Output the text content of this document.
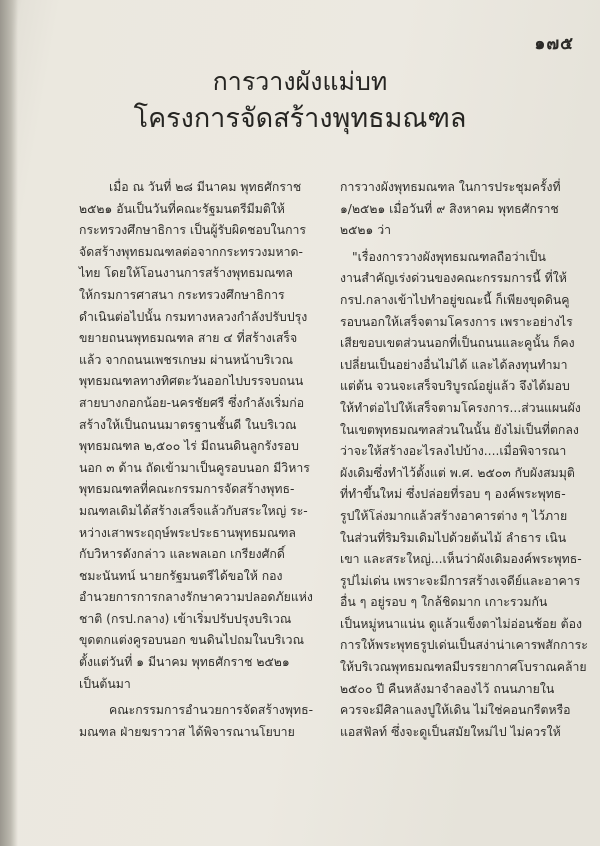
๑๗๕
การวางผังแม่บท
โครงการจัดสร้างพุทธมณฑล
เมื่อ ณ วันที่ ๒๘ มีนาคม พุทธศักราช
๒๕๒๑ อันเป็นวันที่คณะรัฐมนตรีมีมติให้
กระทรวงศึกษาธิการ เป็นผู้รับผิดชอบในการ
จัดสร้างพุทธมณฑลต่อจากกระทรวงมหาด-
ไทย โดยให้โอนงานการสร้างพุทธมณฑล
ให้กรมการศาสนา กระทรวงศึกษาธิการ
ดำเนินต่อไปนั้น กรมทางหลวงกำลังปรับปรุง
ขยายถนนพุทธมณฑล สาย ๔ ที่สร้างเสร็จ
แล้ว จากถนนเพชรเกษม ผ่านหน้าบริเวณ
พุทธมณฑลทางทิศตะวันออกไปบรรจบถนน
สายบางกอกน้อย-นครชัยศรี ซึ่งกำลังเริ่มก่อ
สร้างให้เป็นถนนมาตรฐานชั้นดี ในบริเวณ
พุทธมณฑล ๒,๕๐๐ ไร่ มีถนนดินลูกรังรอบ
นอก ๓ ด้าน ถัดเข้ามาเป็นคูรอบนอก มีวิหาร
พุทธมณฑลที่คณะกรรมการจัดสร้างพุทธ-
มณฑลเดิมได้สร้างเสร็จแล้วกับสระใหญ่ ระ-
หว่างเสาพระฤฤษ์พระประธานพุทธมณฑล
กับวิหารดังกล่าว และพลเอก เกรียงศักดิ์
ชมะนันทน์ นายกรัฐมนตรีได้ขอให้ กอง
อำนวยการการกลางรักษาความปลอดภัยแห่ง
ชาติ (กรป.กลาง) เข้าเริ่มปรับปรุงบริเวณ
ขุดตกแต่งคูรอบนอก ขนดินไปถมในบริเวณ
ตั้งแต่วันที่ ๑ มีนาคม พุทธศักราช ๒๕๒๑
เป็นต้นมา
คณะกรรมการอำนวยการจัดสร้างพุทธ-
มณฑล ฝ่ายฆราวาส ได้พิจารณานโยบาย
การวางผังพุทธมณฑล ในการประชุมครั้งที่
๑/๒๕๒๑ เมื่อวันที่ ๙ สิงหาคม พุทธศักราช
๒๕๒๑ ว่า
"เรื่องการวางผังพุทธมณฑลถือว่าเป็น
งานสำคัญเร่งด่วนของคณะกรรมการนี้ ที่ให้
กรป.กลางเข้าไปทำอยู่ขณะนี้ ก็เพียงขุดดินคู
รอบนอกให้เสร็จตามโครงการ เพราะอย่างไร
เสียขอบเขตส่วนนอกที่เป็นถนนและคูนั้น ก็คง
เปลี่ยนเป็นอย่างอื่นไม่ได้ และได้ลงทุนทำมา
แต่ต้น จวนจะเสร็จบริบูรณ์อยู่แล้ว จึงได้มอบ
ให้ทำต่อไปให้เสร็จตามโครงการ...ส่วนแผนผัง
ในเขตพุทธมณฑลส่วนในนั้น ยังไม่เป็นที่ตกลง
ว่าจะให้สร้างอะไรลงไปบ้าง....เมื่อพิจารณา
ผังเดิมซึ่งทำไว้ตั้งแต่ พ.ศ. ๒๕๐๓ กับผังสมมุติ
ที่ทำขึ้นใหม่ ซึ่งปล่อยที่รอบ ๆ องค์พระพุทธ-
รูปให้โล่งมากแล้วสร้างอาคารต่าง ๆ ไว้ภาย
ในส่วนที่ริมริมเดิมไปด้วยต้นไม้ ลำธาร เนิน
เขา และสระใหญ่...เห็นว่าผังเดิมองค์พระพุทธ-
รูปไม่เด่น เพราะจะมีการสร้างเจดีย์และอาคาร
อื่น ๆ อยู่รอบ ๆ ใกล้ชิดมาก เกาะรวมกัน
เป็นหมู่หนาแน่น ดูแล้วแข็งตาไม่อ่อนช้อย ต้อง
การให้พระพุทธรูปเด่นเป็นสง่าน่าเคารพสักการะ
ให้บริเวณพุทธมณฑลมีบรรยากาศโบราณคล้าย
๒๕๐๐ ปี คืนหลังมาจำลองไว้ ถนนภายใน
ควรจะมีศิลาแลงปูให้เดิน ไม่ใช่คอนกรีตหรือ
แอสฟัลท์ ซึ่งจะดูเป็นสมัยใหม่ไป ไม่ควรให้
